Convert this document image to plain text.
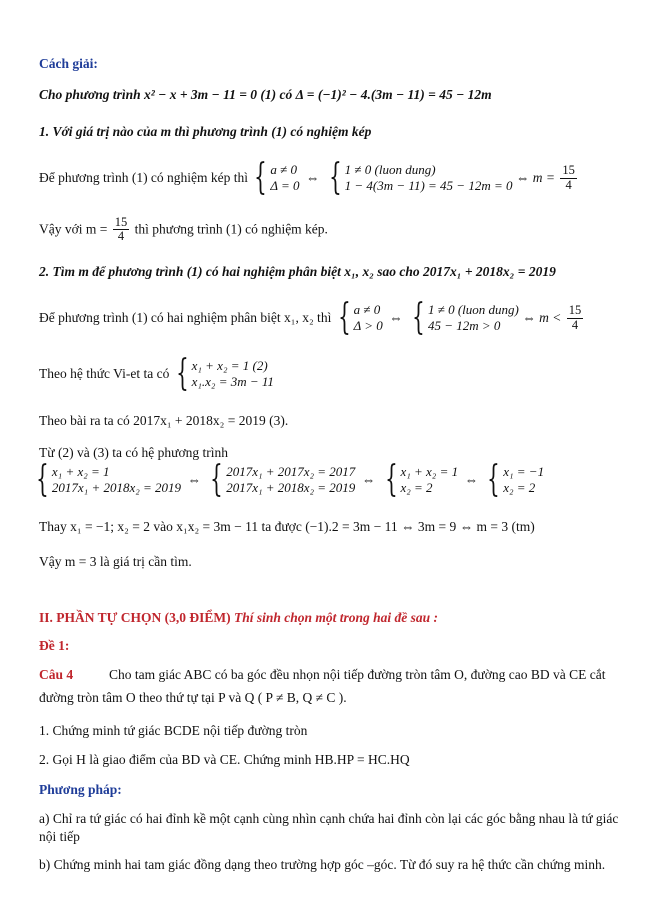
Cách giải:
Cho phương trình x² − x + 3m − 11 = 0 (1) có Δ = (−1)² − 4.(3m − 11) = 45 − 12m
1. Với giá trị nào của m thì phương trình (1) có nghiệm kép
Để phương trình (1) có nghiệm kép thì { a ≠ 0
Δ = 0
⇔ { 1 ≠ 0 (luon dung)
1 − 4(3m − 11) = 45 − 12m = 0
⇔ $m = \frac{15}{4}$
Vậy với $m = \frac{15}{4}$ thì phương trình (1) có nghiệm kép.
2. Tìm m để phương trình (1) có hai nghiệm phân biệt x₁, x₂ sao cho 2017x₁ + 2018x₂ = 2019
Để phương trình (1) có hai nghiệm phân biệt x₁, x₂ thì { a ≠ 0
Δ > 0
⇔ { 1 ≠ 0 (luon dung)
45 − 12m > 0
⇔ $m < \frac{15}{4}$
Theo hệ thức Vi-et ta có { x₁ + x₂ = 1 (2)
x₁.x₂ = 3m − 11
Theo bài ra ta có 2017x₁ + 2018x₂ = 2019 (3).
Từ (2) và (3) ta có hệ phương trình
{ x₁ + x₂ = 1
2017x₁ + 2018x₂ = 2019
⇔ { 2017x₁ + 2017x₂ = 2017
2017x₁ + 2018x₂ = 2019
⇔ { x₁ + x₂ = 1
x₂ = 2
⇔ { x₁ = −1
x₂ = 2
Thay x₁ = −1; x₂ = 2 vào x₁x₂ = 3m − 11 ta được (−1).2 = 3m − 11 ⇔ 3m = 9 ⇔ m = 3 (tm)
Vậy m = 3 là giá trị cần tìm.
II. PHẦN TỰ CHỌN (3,0 ĐIỂM) Thí sinh chọn một trong hai đề sau :
Đề 1:
Câu 4	Cho tam giác ABC có ba góc đều nhọn nội tiếp đường tròn tâm O, đường cao BD và CE cắt
đường tròn tâm O theo thứ tự tại P và Q ( P ≠ B, Q ≠ C ).
1. Chứng minh tứ giác BCDE nội tiếp đường tròn
2. Gọi H là giao điểm của BD và CE. Chứng minh HB.HP = HC.HQ
Phương pháp:
a) Chỉ ra tứ giác có hai đỉnh kề một cạnh cùng nhìn cạnh chứa hai đỉnh còn lại các góc bằng nhau là tứ giác
nội tiếp
b) Chứng minh hai tam giác đồng dạng theo trường hợp góc –góc. Từ đó suy ra hệ thức cần chứng minh.
